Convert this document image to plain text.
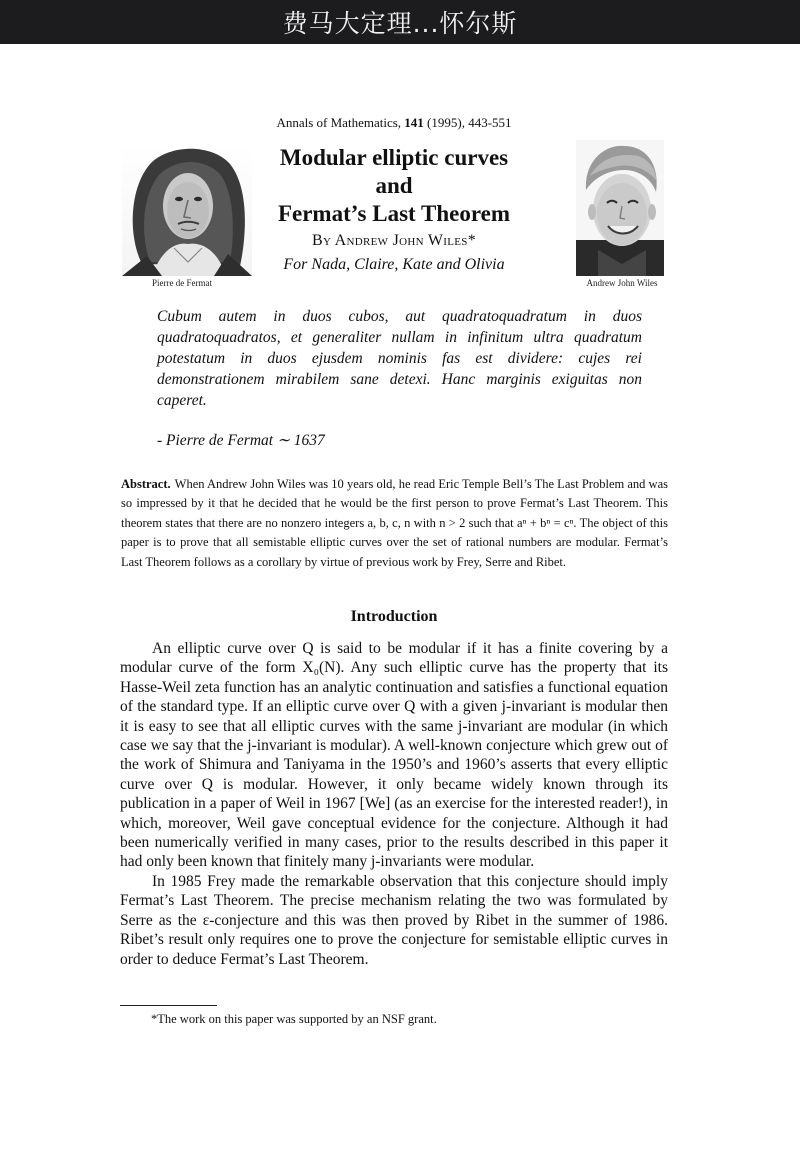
费马大定理...怀尔斯
Annals of Mathematics, 141 (1995), 443-551
Pierre de Fermat
Modular elliptic curves
and
Fermat’s Last Theorem
By Andrew John Wiles*
For Nada, Claire, Kate and Olivia
Andrew John Wiles
Cubum autem in duos cubos, aut quadratoquadratum in duos quadratoquadratos, et generaliter nullam in infinitum ultra quadratum potestatum in duos ejusdem nominis fas est dividere: cujes rei demonstrationem mirabilem sane detexi. Hanc marginis exiguitas non caperet.
- Pierre de Fermat ∼ 1637
Abstract. When Andrew John Wiles was 10 years old, he read Eric Temple Bell’s The Last Problem and was so impressed by it that he decided that he would be the first person to prove Fermat’s Last Theorem. This theorem states that there are no nonzero integers a, b, c, n with n > 2 such that aⁿ + bⁿ = cⁿ. The object of this paper is to prove that all semistable elliptic curves over the set of rational numbers are modular. Fermat’s Last Theorem follows as a corollary by virtue of previous work by Frey, Serre and Ribet.
Introduction

An elliptic curve over Q is said to be modular if it has a finite covering by a modular curve of the form X₀(N). Any such elliptic curve has the property that its Hasse-Weil zeta function has an analytic continuation and satisfies a functional equation of the standard type. If an elliptic curve over Q with a given j-invariant is modular then it is easy to see that all elliptic curves with the same j-invariant are modular (in which case we say that the j-invariant is modular). A well-known conjecture which grew out of the work of Shimura and Taniyama in the 1950’s and 1960’s asserts that every elliptic curve over Q is modular. However, it only became widely known through its publication in a paper of Weil in 1967 [We] (as an exercise for the interested reader!), in which, moreover, Weil gave conceptual evidence for the conjecture. Although it had been numerically verified in many cases, prior to the results described in this paper it had only been known that finitely many j-invariants were modular.

In 1985 Frey made the remarkable observation that this conjecture should imply Fermat’s Last Theorem. The precise mechanism relating the two was formulated by Serre as the ε-conjecture and this was then proved by Ribet in the summer of 1986. Ribet’s result only requires one to prove the conjecture for semistable elliptic curves in order to deduce Fermat’s Last Theorem.

*The work on this paper was supported by an NSF grant.
